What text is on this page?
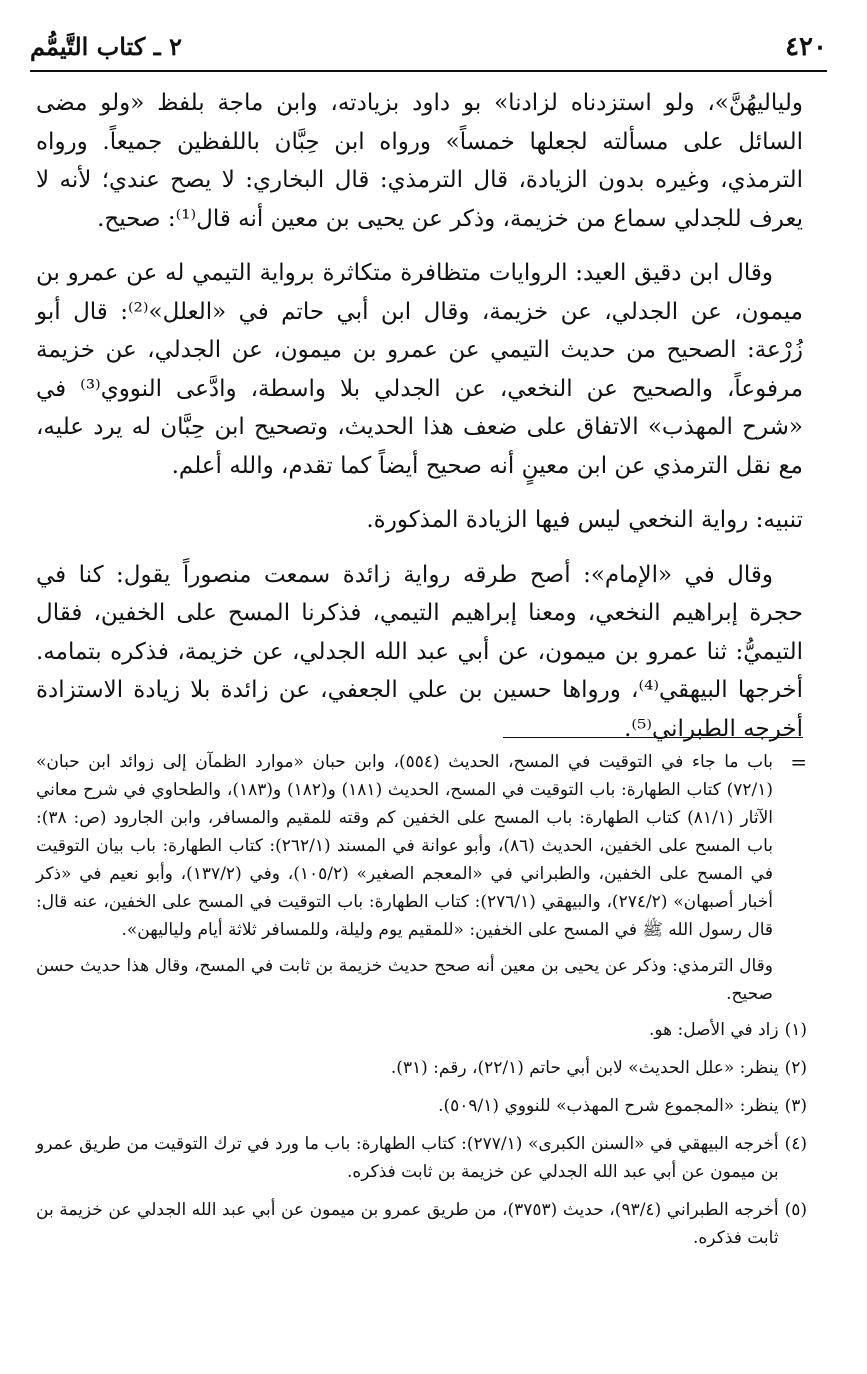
٤٢٠
٢ ـ كتاب التَّيمُّم

ولياليهُنَّ»، ولو استزدناه لزادنا» بو داود بزيادته، وابن ماجة بلفظ «ولو مضى السائل على مسألته لجعلها خمساً» ورواه ابن حِبَّان باللفظين جميعاً. ورواه الترمذي، وغيره بدون الزيادة، قال الترمذي: قال البخاري: لا يصح عندي؛ لأنه لا يعرف للجدلي سماع من خزيمة، وذكر عن يحيى بن معين أنه قال⁽¹⁾: صحيح.

وقال ابن دقيق العيد: الروايات متظافرة متكاثرة برواية التيمي له عن عمرو بن ميمون، عن الجدلي، عن خزيمة، وقال ابن أبي حاتم في «العلل»⁽²⁾: قال أبو زُرْعة: الصحيح من حديث التيمي عن عمرو بن ميمون، عن الجدلي، عن خزيمة مرفوعاً، والصحيح عن النخعي، عن الجدلي بلا واسطة، وادَّعى النووي⁽³⁾ في «شرح المهذب» الاتفاق على ضعف هذا الحديث، وتصحيح ابن حِبَّان له يرد عليه، مع نقل الترمذي عن ابن معينٍ أنه صحيح أيضاً كما تقدم، والله أعلم.

تنبيه: رواية النخعي ليس فيها الزيادة المذكورة.

وقال في «الإمام»: أصح طرقه رواية زائدة سمعت منصوراً يقول: كنا في حجرة إبراهيم النخعي، ومعنا إبراهيم التيمي، فذكرنا المسح على الخفين، فقال التيميُّ: ثنا عمرو بن ميمون، عن أبي عبد الله الجدلي، عن خزيمة، فذكره بتمامه. أخرجها البيهقي⁽⁴⁾، ورواها حسين بن علي الجعفي، عن زائدة بلا زيادة الاستزادة أخرجه الطبراني⁽⁵⁾.

=

باب ما جاء في التوقيت في المسح، الحديث (٥٥٤)، وابن حبان «موارد الظمآن إلى زوائد ابن حبان» (٧٢/١) كتاب الطهارة: باب التوقيت في المسح، الحديث (١٨١) و(١٨٢) و(١٨٣)، والطحاوي في شرح معاني الآثار (٨١/١) كتاب الطهارة: باب المسح على الخفين كم وقته للمقيم والمسافر، وابن الجارود (ص: ٣٨): باب المسح على الخفين، الحديث (٨٦)، وأبو عوانة في المسند (٢٦٢/١): كتاب الطهارة: باب بيان التوقيت في المسح على الخفين، والطبراني في «المعجم الصغير» (١٠٥/٢)، وفي (١٣٧/٢)، وأبو نعيم في «ذكر أخبار أصبهان» (٢٧٤/٢)، والبيهقي (٢٧٦/١): كتاب الطهارة: باب التوقيت في المسح على الخفين، عنه قال: قال رسول الله ﷺ في المسح على الخفين: «للمقيم يوم وليلة، وللمسافر ثلاثة أيام ولياليهن».

وقال الترمذي: وذكر عن يحيى بن معين أنه صحح حديث خزيمة بن ثابت في المسح، وقال هذا حديث حسن صحيح.

(١)
زاد في الأصل: هو.
(٢)
ينظر: «علل الحديث» لابن أبي حاتم (٢٢/١)، رقم: (٣١).
(٣)
ينظر: «المجموع شرح المهذب» للنووي (٥٠٩/١).
(٤)
أخرجه البيهقي في «السنن الكبرى» (٢٧٧/١): كتاب الطهارة: باب ما ورد في ترك التوقيت من طريق عمرو بن ميمون عن أبي عبد الله الجدلي عن خزيمة بن ثابت فذكره.
(٥)
أخرجه الطبراني (٩٣/٤)، حديث (٣٧٥٣)، من طريق عمرو بن ميمون عن أبي عبد الله الجدلي عن خزيمة بن ثابت فذكره.
